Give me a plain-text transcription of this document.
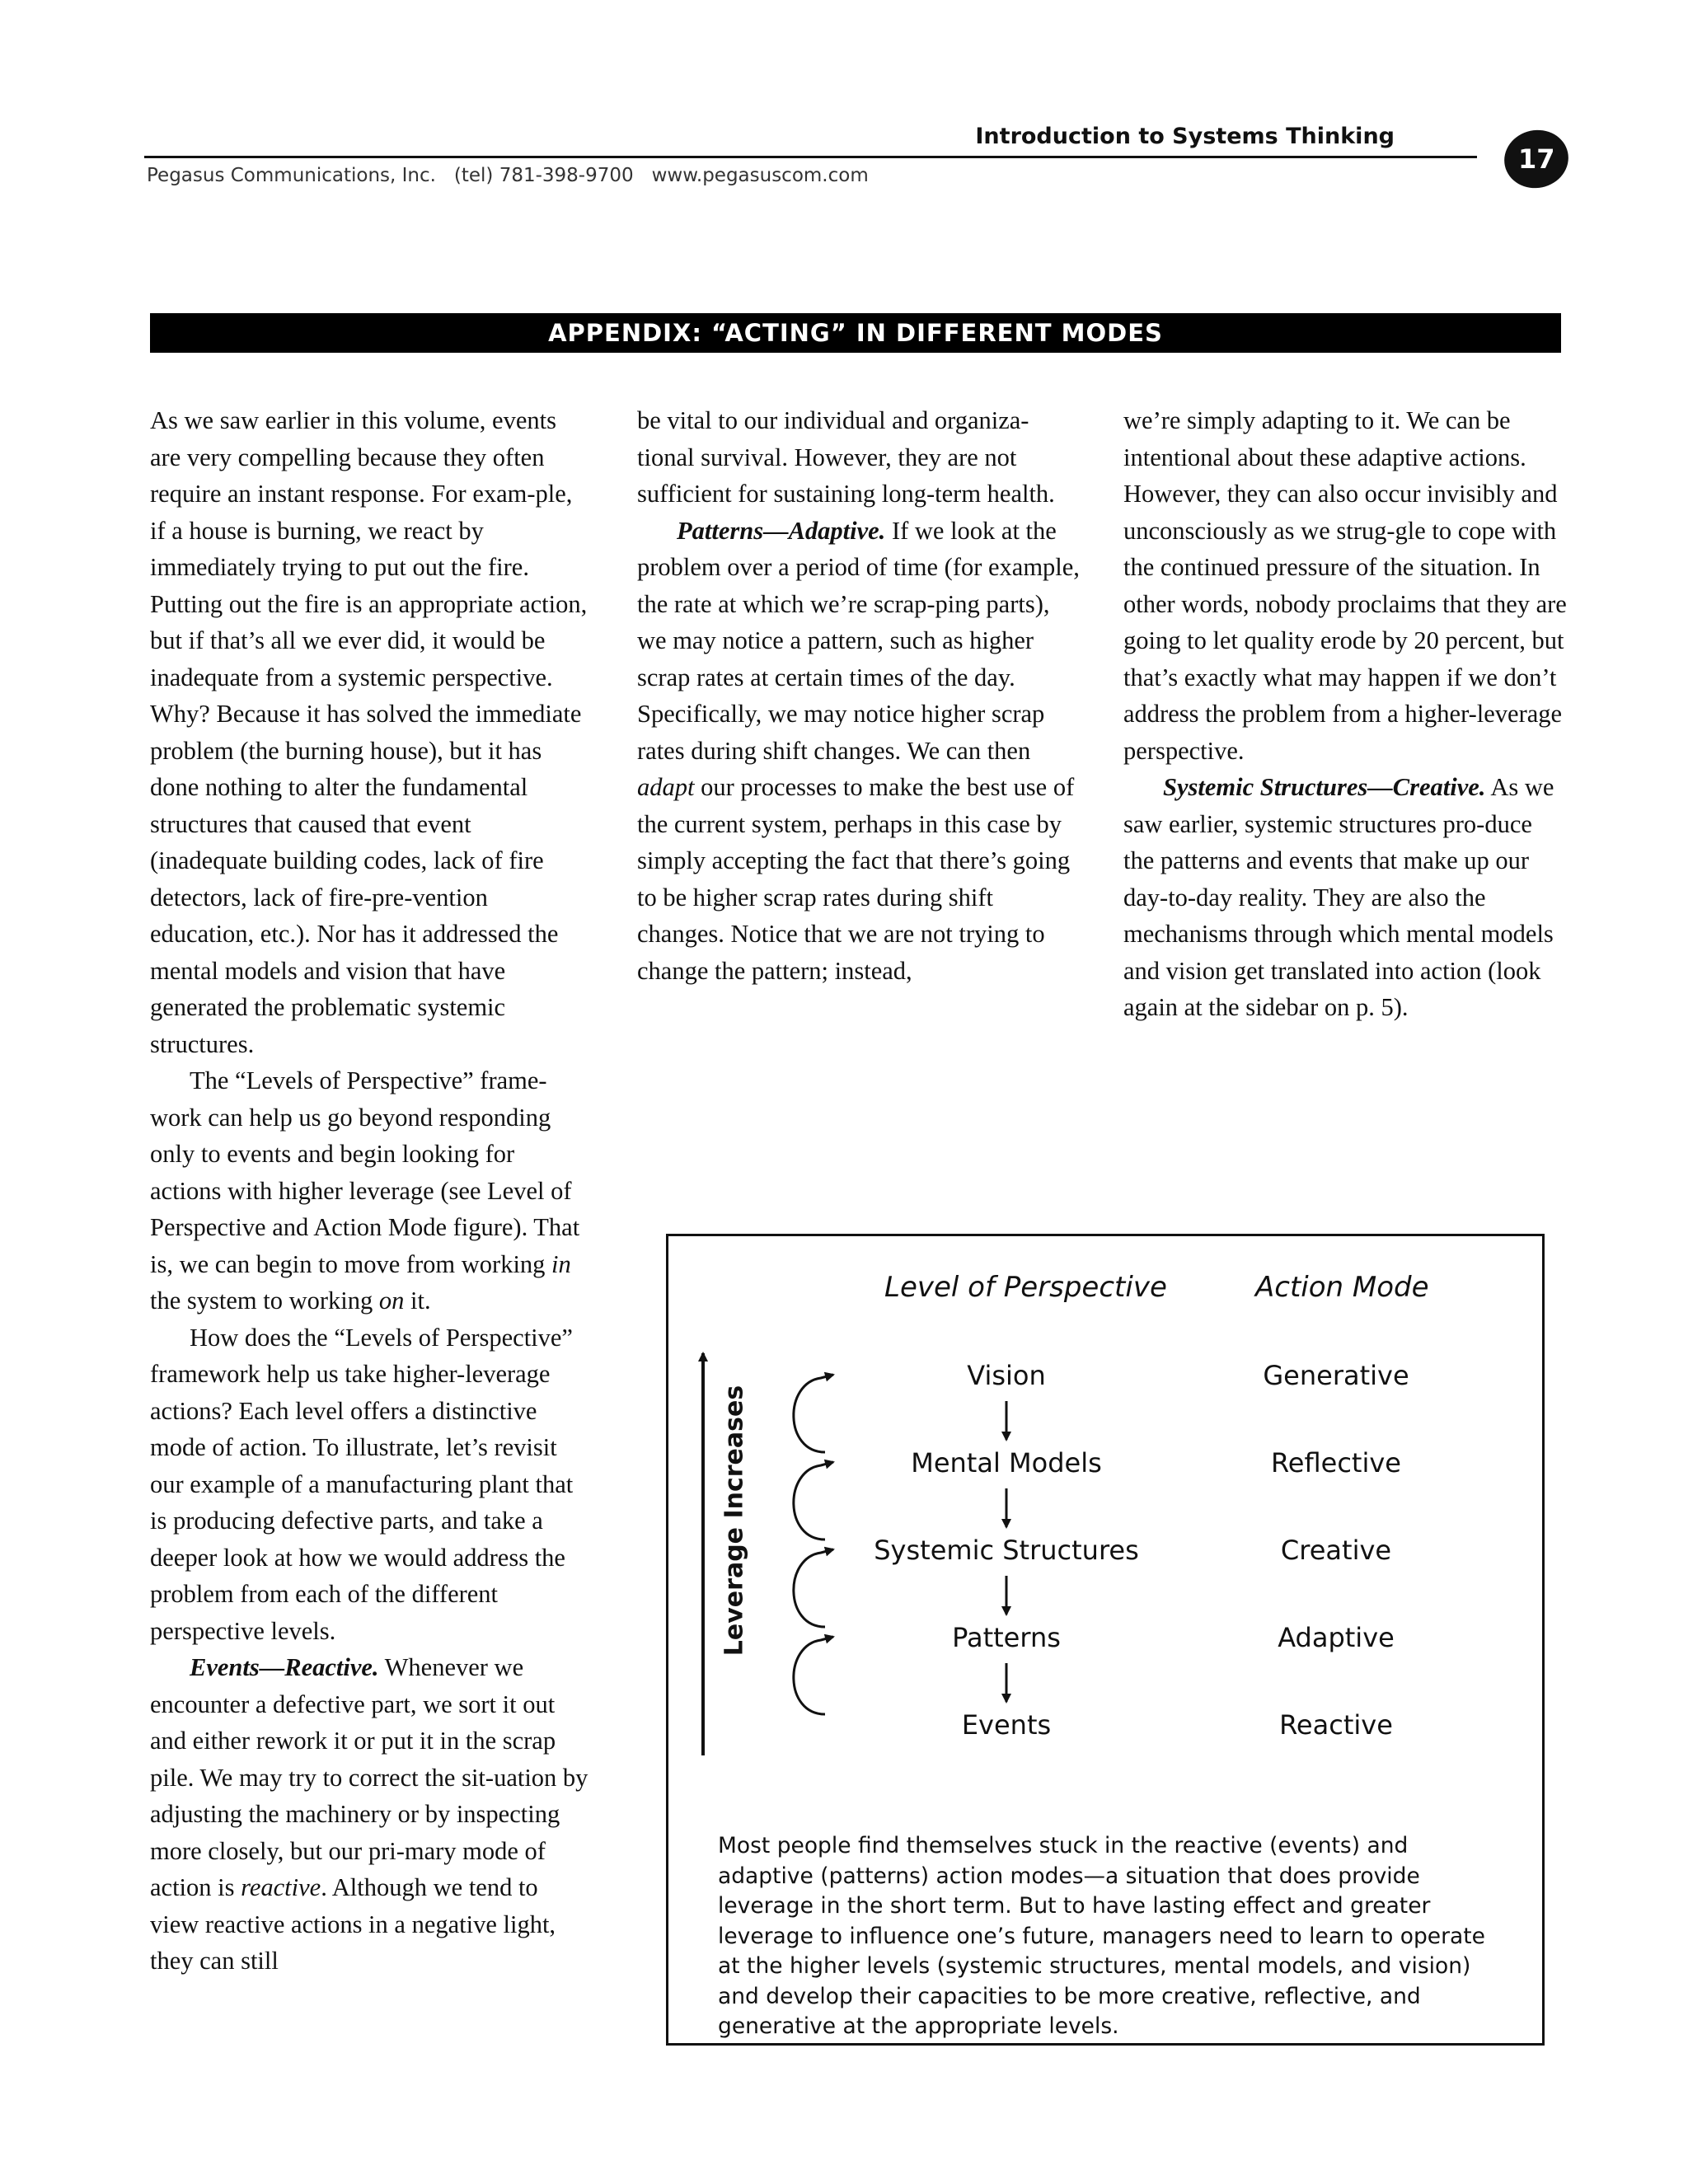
Introduction to Systems Thinking
17
Pegasus Communications, Inc.   (tel) 781-398-9700   www.pegasuscom.com
APPENDIX: “ACTING” IN DIFFERENT MODES

As we saw earlier in this volume, events are very compelling because they often require an instant response. For exam-ple, if a house is burning, we react by immediately trying to put out the fire. Putting out the fire is an appropriate action, but if that’s all we ever did, it would be inadequate from a systemic perspective. Why? Because it has solved the immediate problem (the burning house), but it has done nothing to alter the fundamental structures that caused that event (inadequate building codes, lack of fire detectors, lack of fire-pre-vention education, etc.). Nor has it addressed the mental models and vision that have generated the problematic systemic structures.

The “Levels of Perspective” frame-work can help us go beyond responding only to events and begin looking for actions with higher leverage (see Level of Perspective and Action Mode figure). That is, we can begin to move from working in the system to working on it.

How does the “Levels of Perspective” framework help us take higher-leverage actions? Each level offers a distinctive mode of action. To illustrate, let’s revisit our example of a manufacturing plant that is producing defective parts, and take a deeper look at how we would address the problem from each of the different perspective levels.

Events—Reactive. Whenever we encounter a defective part, we sort it out and either rework it or put it in the scrap pile. We may try to correct the sit-uation by adjusting the machinery or by inspecting more closely, but our pri-mary mode of action is reactive. Although we tend to view reactive actions in a negative light, they can still

be vital to our individual and organiza-tional survival. However, they are not sufficient for sustaining long-term health.

Patterns—Adaptive. If we look at the problem over a period of time (for example, the rate at which we’re scrap-ping parts), we may notice a pattern, such as higher scrap rates at certain times of the day. Specifically, we may notice higher scrap rates during shift changes. We can then adapt our processes to make the best use of the current system, perhaps in this case by simply accepting the fact that there’s going to be higher scrap rates during shift changes. Notice that we are not trying to change the pattern; instead,

we’re simply adapting to it. We can be intentional about these adaptive actions. However, they can also occur invisibly and unconsciously as we strug-gle to cope with the continued pressure of the situation. In other words, nobody proclaims that they are going to let quality erode by 20 percent, but that’s exactly what may happen if we don’t address the problem from a higher-leverage perspective.

Systemic Structures—Creative. As we saw earlier, systemic structures pro-duce the patterns and events that make up our day-to-day reality. They are also the mechanisms through which mental models and vision get translated into action (look again at the sidebar on p. 5).

Leverage Increases
Level of Perspective	Action Mode
Vision	Generative
Mental Models	Reflective
Systemic Structures	Creative
Patterns	Adaptive
Events	Reactive
Most people find themselves stuck in the reactive (events) and adaptive (patterns) action modes—a situation that does provide leverage in the short term. But to have lasting effect and greater leverage to influence one’s future, managers need to learn to operate at the higher levels (systemic structures, mental models, and vision) and develop their capacities to be more creative, reflective, and generative at the appropriate levels.
